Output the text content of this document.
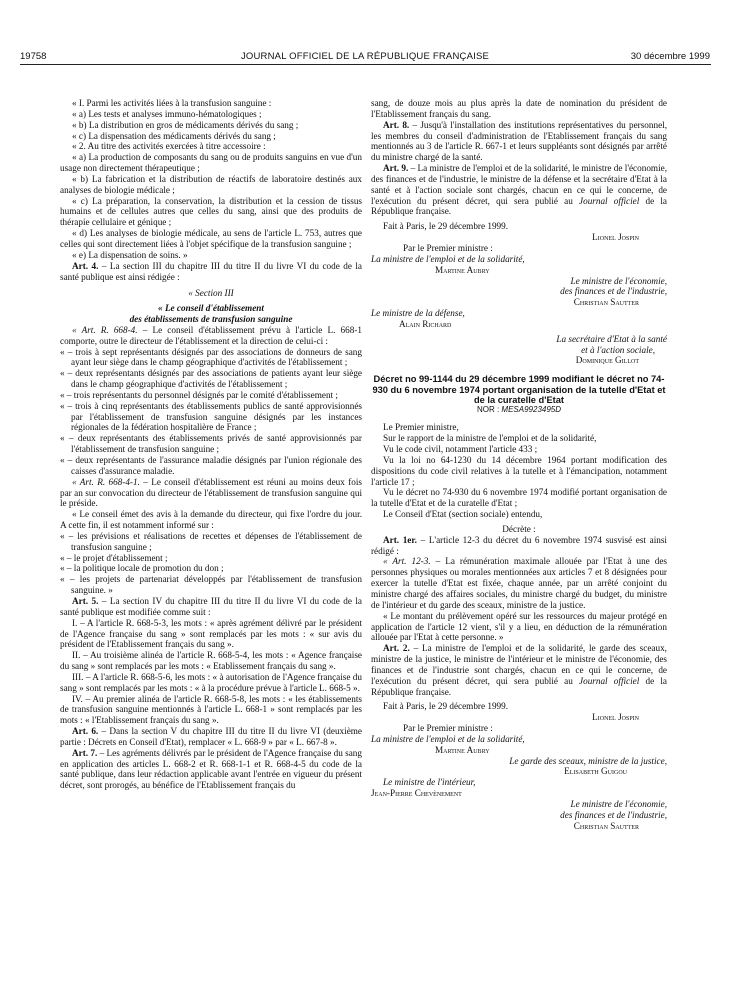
19758	JOURNAL OFFICIEL DE LA RÉPUBLIQUE FRANÇAISE	30 décembre 1999

« I. Parmi les activités liées à la transfusion sanguine :

« a) Les tests et analyses immuno-hématologiques ;

« b) La distribution en gros de médicaments dérivés du sang ;

« c) La dispensation des médicaments dérivés du sang ;

« 2. Au titre des activités exercées à titre accessoire :

« a) La production de composants du sang ou de produits sanguins en vue d'un usage non directement thérapeutique ;

« b) La fabrication et la distribution de réactifs de laboratoire destinés aux analyses de biologie médicale ;

« c) La préparation, la conservation, la distribution et la cession de tissus humains et de cellules autres que celles du sang, ainsi que des produits de thérapie cellulaire et génique ;

« d) Les analyses de biologie médicale, au sens de l'article L. 753, autres que celles qui sont directement liées à l'objet spécifique de la transfusion sanguine ;

« e) La dispensation de soins. »

Art. 4. – La section III du chapitre III du titre II du livre VI du code de la santé publique est ainsi rédigée :

« Section III

« Le conseil d'établissement

des établissements de transfusion sanguine

« Art. R. 668-4. – Le conseil d'établissement prévu à l'article L. 668-1 comporte, outre le directeur de l'établissement et la direction de celui-ci :

« – trois à sept représentants désignés par des associations de donneurs de sang ayant leur siège dans le champ géographique d'activités de l'établissement ;

« – deux représentants désignés par des associations de patients ayant leur siège dans le champ géographique d'activités de l'établissement ;

« – trois représentants du personnel désignés par le comité d'établissement ;

« – trois à cinq représentants des établissements publics de santé approvisionnés par l'établissement de transfusion sanguine désignés par les instances régionales de la fédération hospitalière de France ;

« – deux représentants des établissements privés de santé approvisionnés par l'établissement de transfusion sanguine ;

« – deux représentants de l'assurance maladie désignés par l'union régionale des caisses d'assurance maladie.

« Art. R. 668-4-1. – Le conseil d'établissement est réuni au moins deux fois par an sur convocation du directeur de l'établissement de transfusion sanguine qui le préside.

« Le conseil émet des avis à la demande du directeur, qui fixe l'ordre du jour. A cette fin, il est notamment informé sur :

« – les prévisions et réalisations de recettes et dépenses de l'établissement de transfusion sanguine ;

« – le projet d'établissement ;

« – la politique locale de promotion du don ;

« – les projets de partenariat développés par l'établissement de transfusion sanguine. »

Art. 5. – La section IV du chapitre III du titre II du livre VI du code de la santé publique est modifiée comme suit :

I. – A l'article R. 668-5-3, les mots : « après agrément délivré par le président de l'Agence française du sang » sont remplacés par les mots : « sur avis du président de l'Etablissement français du sang ».

II. – Au troisième alinéa de l'article R. 668-5-4, les mots : « Agence française du sang » sont remplacés par les mots : « Etablissement français du sang ».

III. – A l'article R. 668-5-6, les mots : « à autorisation de l'Agence française du sang » sont remplacés par les mots : « à la procédure prévue à l'article L. 668-5 ».

IV. – Au premier alinéa de l'article R. 668-5-8, les mots : « les établissements de transfusion sanguine mentionnés à l'article L. 668-1 » sont remplacés par les mots : « l'Etablissement français du sang ».

Art. 6. – Dans la section V du chapitre III du titre II du livre VI (deuxième partie : Décrets en Conseil d'Etat), remplacer « L. 668-9 » par « L. 667-8 ».

Art. 7. – Les agréments délivrés par le président de l'Agence française du sang en application des articles L. 668-2 et R. 668-1-1 et R. 668-4-5 du code de la santé publique, dans leur rédaction applicable avant l'entrée en vigueur du présent décret, sont prorogés, au bénéfice de l'Etablissement français du

sang, de douze mois au plus après la date de nomination du président de l'Etablissement français du sang.

Art. 8. – Jusqu'à l'installation des institutions représentatives du personnel, les membres du conseil d'administration de l'Etablissement français du sang mentionnés au 3 de l'article R. 667-1 et leurs suppléants sont désignés par arrêté du ministre chargé de la santé.

Art. 9. – La ministre de l'emploi et de la solidarité, le ministre de l'économie, des finances et de l'industrie, le ministre de la défense et la secrétaire d'Etat à la santé et à l'action sociale sont chargés, chacun en ce qui le concerne, de l'exécution du présent décret, qui sera publié au Journal officiel de la République française.

Fait à Paris, le 29 décembre 1999.

Lionel Jospin

Par le Premier ministre :

La ministre de l'emploi et de la solidarité,

Martine Aubry

Le ministre de l'économie,

des finances et de l'industrie,

Christian Sautter

Le ministre de la défense,

Alain Richard

La secrétaire d'Etat à la santé

et à l'action sociale,

Dominique Gillot

Décret no 99-1144 du 29 décembre 1999 modifiant le décret no 74-930 du 6 novembre 1974 portant organisation de la tutelle d'Etat et de la curatelle d'Etat

NOR : MESA9923495D

Le Premier ministre,

Sur le rapport de la ministre de l'emploi et de la solidarité,

Vu le code civil, notamment l'article 433 ;

Vu la loi no 64-1230 du 14 décembre 1964 portant modification des dispositions du code civil relatives à la tutelle et à l'émancipation, notamment l'article 17 ;

Vu le décret no 74-930 du 6 novembre 1974 modifié portant organisation de la tutelle d'Etat et de la curatelle d'Etat ;

Le Conseil d'Etat (section sociale) entendu,

Décrète :

Art. 1er. – L'article 12-3 du décret du 6 novembre 1974 susvisé est ainsi rédigé :

« Art. 12-3. – La rémunération maximale allouée par l'Etat à une des personnes physiques ou morales mentionnées aux articles 7 et 8 désignées pour exercer la tutelle d'Etat est fixée, chaque année, par un arrêté conjoint du ministre chargé des affaires sociales, du ministre chargé du budget, du ministre de l'intérieur et du garde des sceaux, ministre de la justice.

« Le montant du prélèvement opéré sur les ressources du majeur protégé en application de l'article 12 vient, s'il y a lieu, en déduction de la rémunération allouée par l'Etat à cette personne. »

Art. 2. – La ministre de l'emploi et de la solidarité, le garde des sceaux, ministre de la justice, le ministre de l'intérieur et le ministre de l'économie, des finances et de l'industrie sont chargés, chacun en ce qui le concerne, de l'exécution du présent décret, qui sera publié au Journal officiel de la République française.

Fait à Paris, le 29 décembre 1999.

Lionel Jospin

Par le Premier ministre :

La ministre de l'emploi et de la solidarité,

Martine Aubry

Le garde des sceaux, ministre de la justice,

Elisabeth Guigou

Le ministre de l'intérieur,

Jean-Pierre Chevènement

Le ministre de l'économie,

des finances et de l'industrie,

Christian Sautter
